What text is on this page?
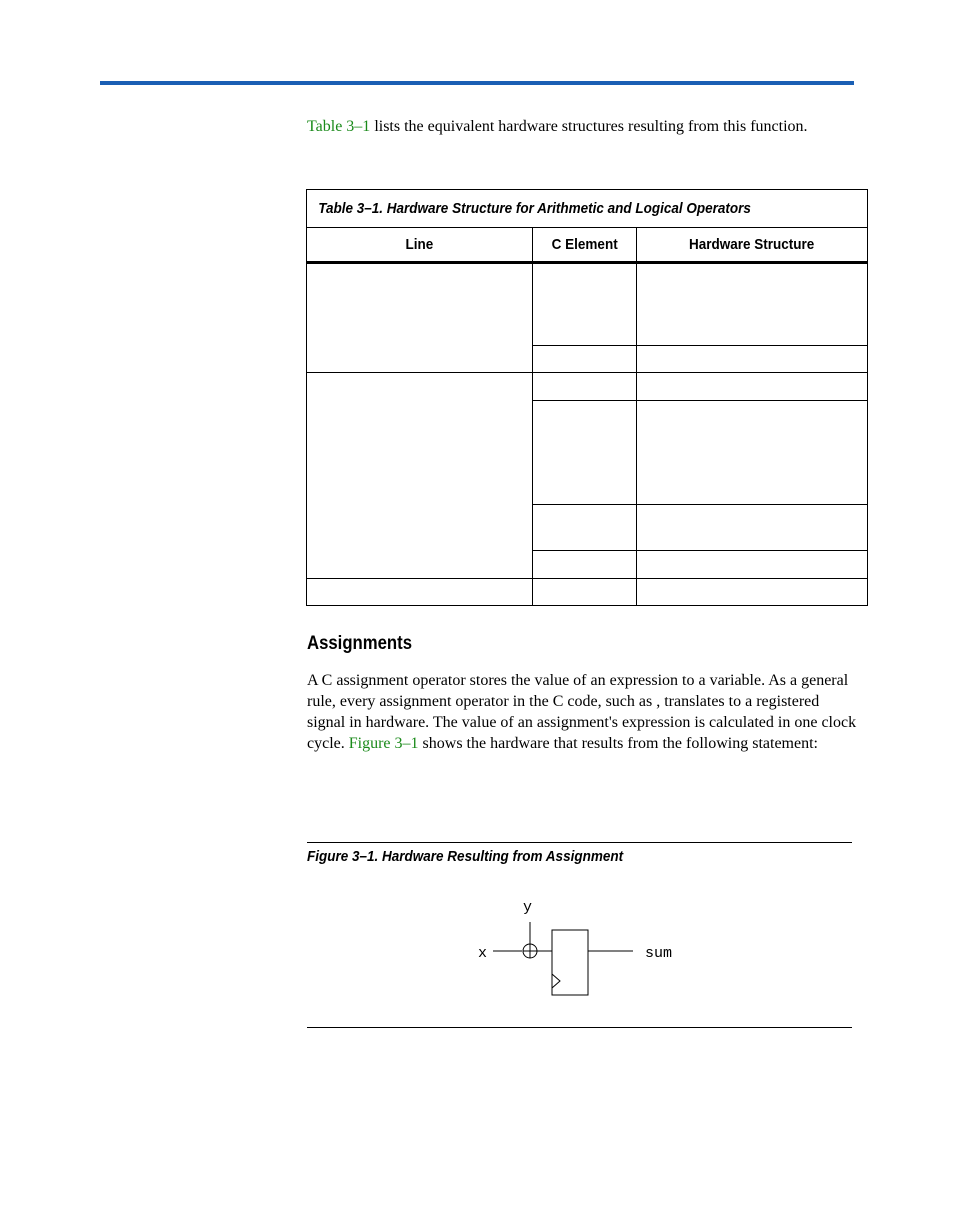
Table 3–1 lists the equivalent hardware structures resulting from this function.

Table 3–1. Hardware Structure for Arithmetic and Logical Operators		
Line	C Element	Hardware Structure

Assignments

A C assignment operator stores the value of an expression to a variable. As a general rule, every assignment operator in the C code, such as , translates to a registered signal in hardware. The value of an assignment's expression is calculated in one clock cycle. Figure 3–1 shows the hardware that results from the following statement:

Figure 3–1. Hardware Resulting from Assignment
y
x	sum
